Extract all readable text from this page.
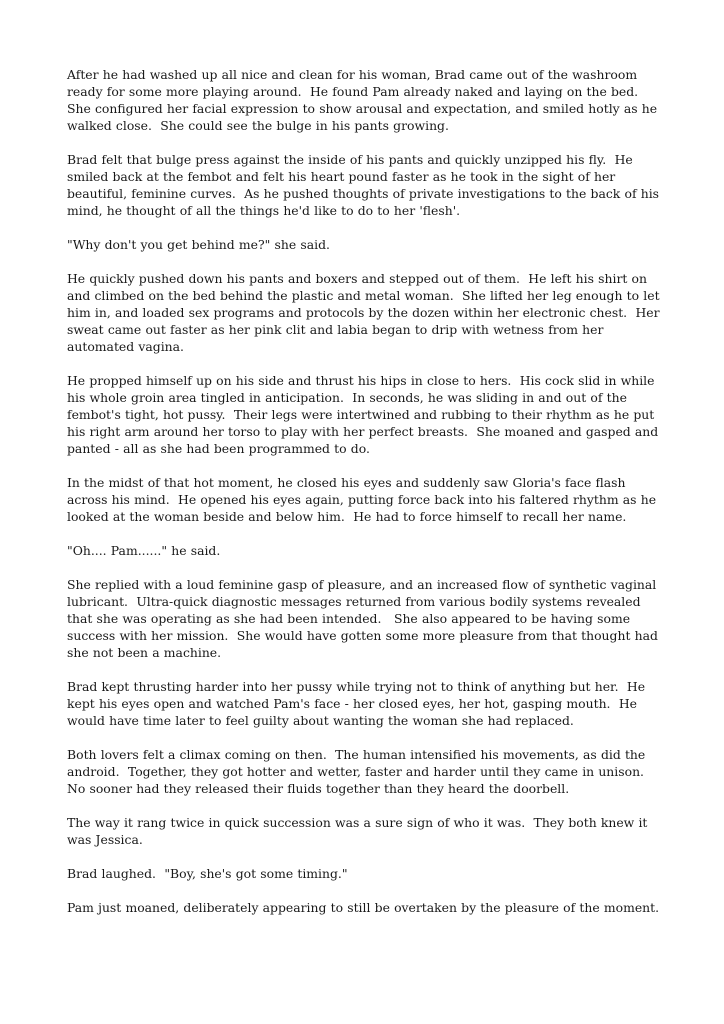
After he had washed up all nice and clean for his woman, Brad came out of the washroom ready for some more playing around.  He found Pam already naked and laying on the bed.  She configured her facial expression to show arousal and expectation, and smiled hotly as he walked close.  She could see the bulge in his pants growing.

Brad felt that bulge press against the inside of his pants and quickly unzipped his fly.  He smiled back at the fembot and felt his heart pound faster as he took in the sight of her beautiful, feminine curves.  As he pushed thoughts of private investigations to the back of his mind, he thought of all the things he'd like to do to her 'flesh'.

"Why don't you get behind me?" she said.

He quickly pushed down his pants and boxers and stepped out of them.  He left his shirt on and climbed on the bed behind the plastic and metal woman.  She lifted her leg enough to let him in, and loaded sex programs and protocols by the dozen within her electronic chest.  Her sweat came out faster as her pink clit and labia began to drip with wetness from her automated vagina.

He propped himself up on his side and thrust his hips in close to hers.  His cock slid in while his whole groin area tingled in anticipation.  In seconds, he was sliding in and out of the fembot's tight, hot pussy.  Their legs were intertwined and rubbing to their rhythm as he put his right arm around her torso to play with her perfect breasts.  She moaned and gasped and panted - all as she had been programmed to do.

In the midst of that hot moment, he closed his eyes and suddenly saw Gloria's face flash across his mind.  He opened his eyes again, putting force back into his faltered rhythm as he looked at the woman beside and below him.  He had to force himself to recall her name.

"Oh.... Pam......" he said.

She replied with a loud feminine gasp of pleasure, and an increased flow of synthetic vaginal lubricant.  Ultra-quick diagnostic messages returned from various bodily systems revealed that she was operating as she had been intended.   She also appeared to be having some success with her mission.  She would have gotten some more pleasure from that thought had she not been a machine.

Brad kept thrusting harder into her pussy while trying not to think of anything but her.  He kept his eyes open and watched Pam's face - her closed eyes, her hot, gasping mouth.  He would have time later to feel guilty about wanting the woman she had replaced.

Both lovers felt a climax coming on then.  The human intensified his movements, as did the android.  Together, they got hotter and wetter, faster and harder until they came in unison.  No sooner had they released their fluids together than they heard the doorbell.

The way it rang twice in quick succession was a sure sign of who it was.  They both knew it was Jessica.

Brad laughed.  "Boy, she's got some timing."

Pam just moaned, deliberately appearing to still be overtaken by the pleasure of the moment.
